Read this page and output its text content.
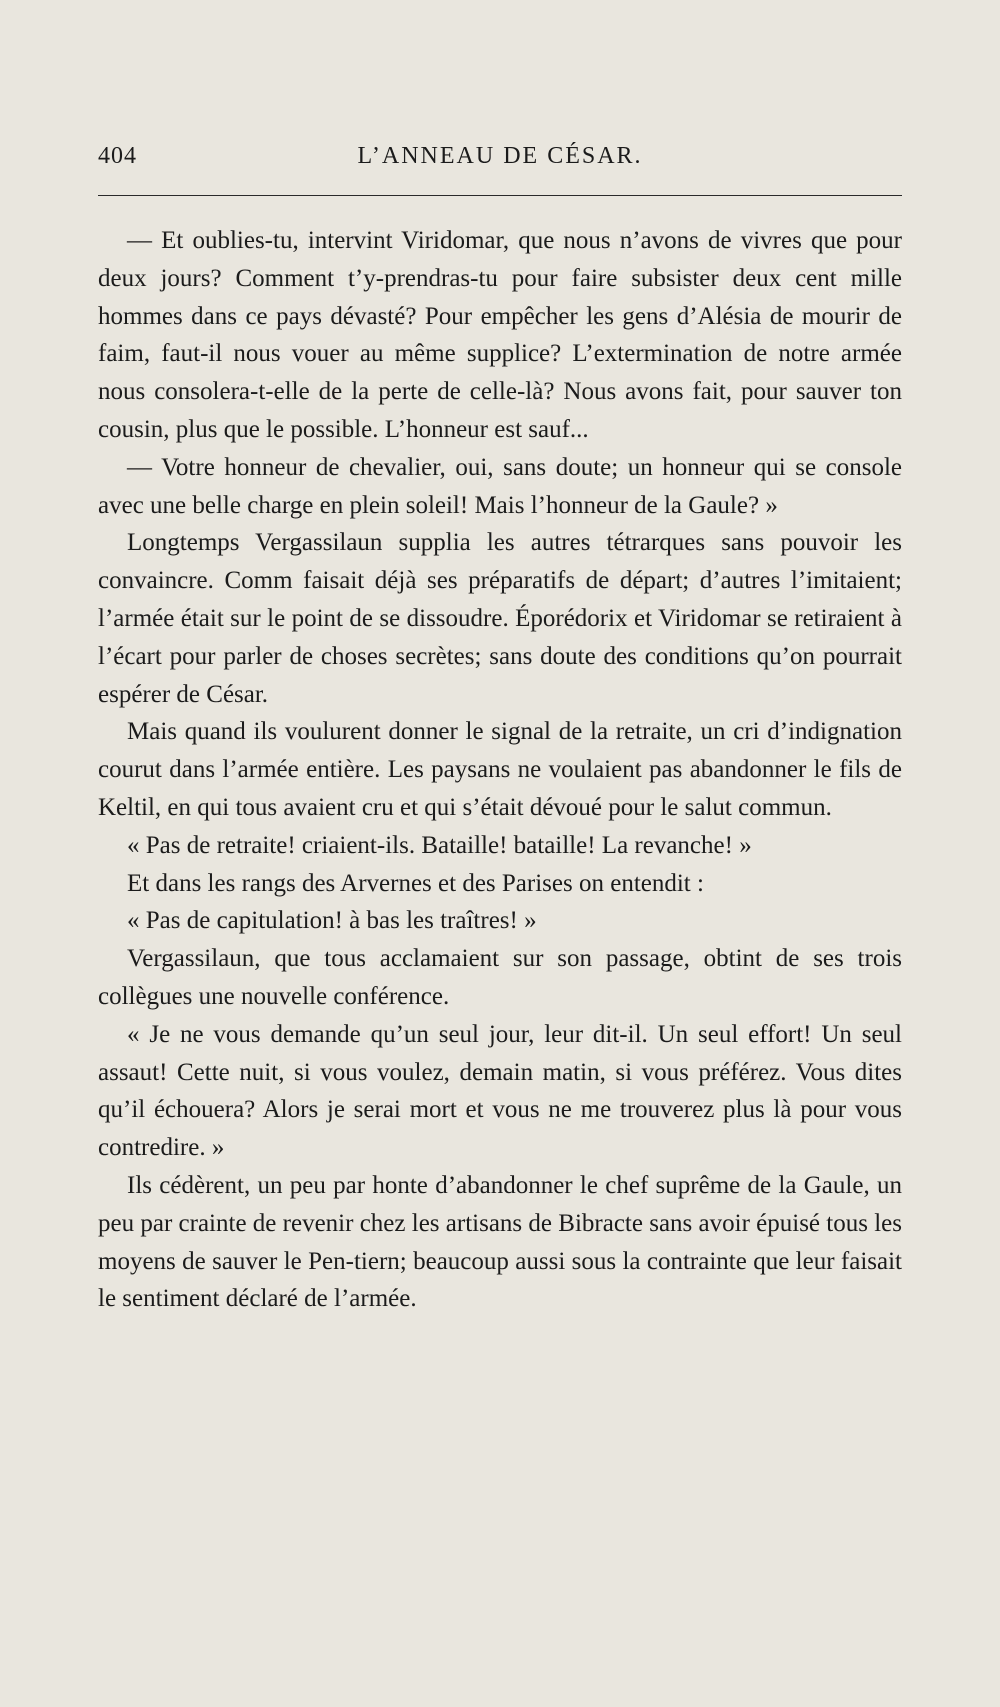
404	L’ANNEAU DE CÉSAR.

— Et oublies-tu, intervint Viridomar, que nous n’avons de vivres que pour deux jours? Comment t’y-prendras-tu pour faire subsister deux cent mille hommes dans ce pays dévasté? Pour empêcher les gens d’Alésia de mourir de faim, faut-il nous vouer au même supplice? L’extermination de notre armée nous consolera-t-elle de la perte de celle-là? Nous avons fait, pour sauver ton cousin, plus que le possible. L’honneur est sauf...

— Votre honneur de chevalier, oui, sans doute; un honneur qui se console avec une belle charge en plein soleil! Mais l’honneur de la Gaule? »

Longtemps Vergassilaun supplia les autres tétrarques sans pouvoir les convaincre. Comm faisait déjà ses préparatifs de départ; d’autres l’imitaient; l’armée était sur le point de se dissoudre. Éporédorix et Viridomar se retiraient à l’écart pour parler de choses secrètes; sans doute des conditions qu’on pourrait espérer de César.

Mais quand ils voulurent donner le signal de la retraite, un cri d’indignation courut dans l’armée entière. Les paysans ne voulaient pas abandonner le fils de Keltil, en qui tous avaient cru et qui s’était dévoué pour le salut commun.

« Pas de retraite! criaient-ils. Bataille! bataille! La revanche! »

Et dans les rangs des Arvernes et des Parises on entendit :

« Pas de capitulation! à bas les traîtres! »

Vergassilaun, que tous acclamaient sur son passage, obtint de ses trois collègues une nouvelle conférence.

« Je ne vous demande qu’un seul jour, leur dit-il. Un seul effort! Un seul assaut! Cette nuit, si vous voulez, demain matin, si vous préférez. Vous dites qu’il échouera? Alors je serai mort et vous ne me trouverez plus là pour vous contredire. »

Ils cédèrent, un peu par honte d’abandonner le chef suprême de la Gaule, un peu par crainte de revenir chez les artisans de Bibracte sans avoir épuisé tous les moyens de sauver le Pen-tiern; beaucoup aussi sous la contrainte que leur faisait le sentiment déclaré de l’armée.
